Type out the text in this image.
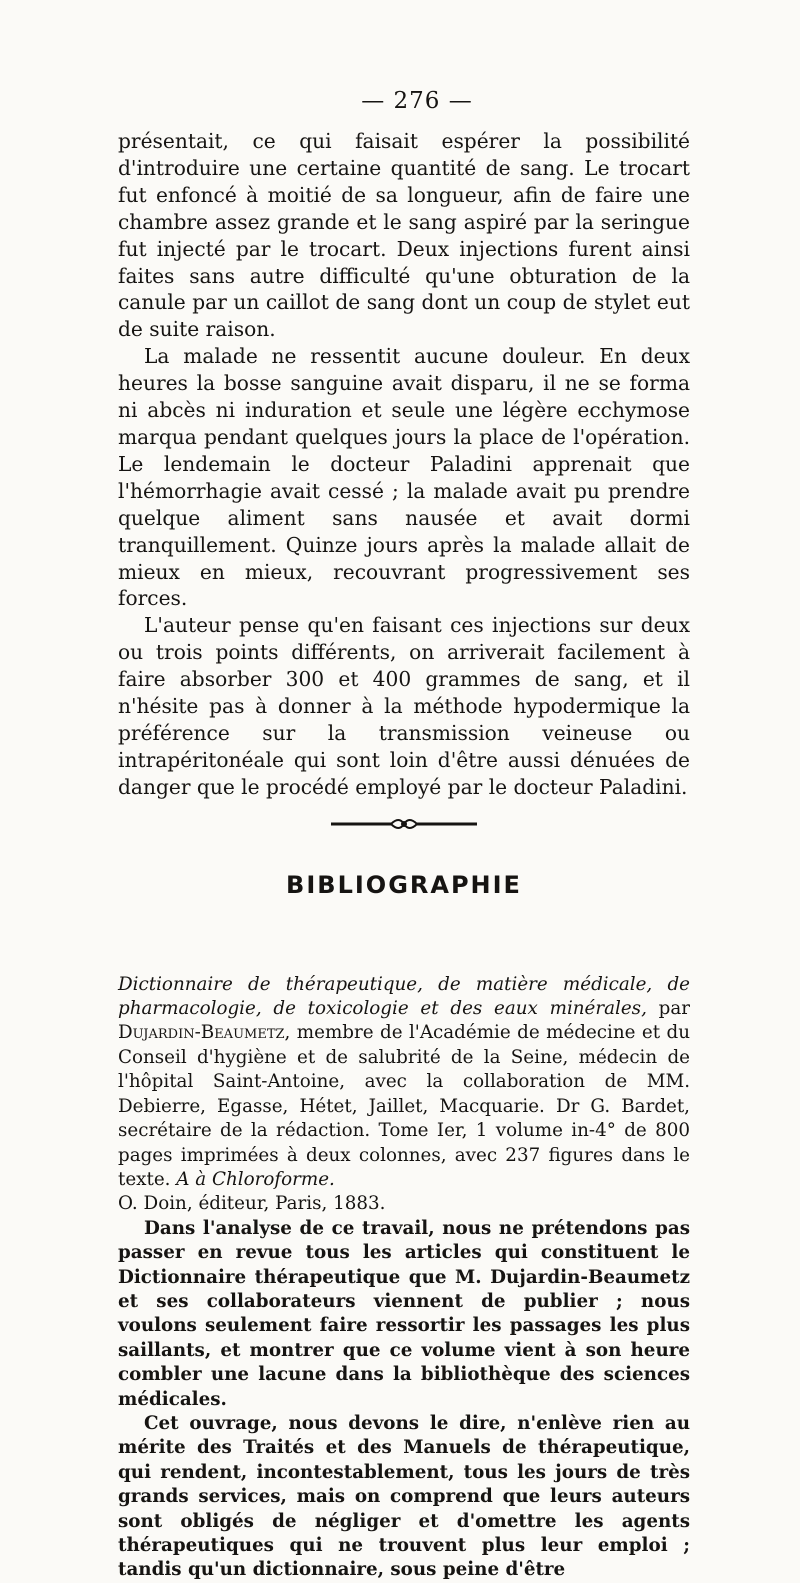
— 276 —

présentait, ce qui faisait espérer la possibilité d'introduire une certaine quantité de sang. Le trocart fut enfoncé à moitié de sa longueur, afin de faire une chambre assez grande et le sang aspiré par la seringue fut injecté par le trocart. Deux injections furent ainsi faites sans autre difficulté qu'une obturation de la canule par un caillot de sang dont un coup de stylet eut de suite raison.

La malade ne ressentit aucune douleur. En deux heures la bosse sanguine avait disparu, il ne se forma ni abcès ni induration et seule une légère ecchymose marqua pendant quelques jours la place de l'opération. Le lendemain le docteur Paladini apprenait que l'hémorrhagie avait cessé ; la malade avait pu prendre quelque aliment sans nausée et avait dormi tranquillement. Quinze jours après la malade allait de mieux en mieux, recouvrant progressivement ses forces.

L'auteur pense qu'en faisant ces injections sur deux ou trois points différents, on arriverait facilement à faire absorber 300 et 400 grammes de sang, et il n'hésite pas à donner à la méthode hypodermique la préférence sur la transmission veineuse ou intrapéritonéale qui sont loin d'être aussi dénuées de danger que le procédé employé par le docteur Paladini.

BIBLIOGRAPHIE

Dictionnaire de thérapeutique, de matière médicale, de pharmacologie, de toxicologie et des eaux minérales, par Dujardin-Beaumetz, membre de l'Académie de médecine et du Conseil d'hygiène et de salubrité de la Seine, médecin de l'hôpital Saint-Antoine, avec la collaboration de MM. Debierre, Egasse, Hétet, Jaillet, Macquarie. Dr G. Bardet, secrétaire de la rédaction. Tome Ier, 1 volume in-4° de 800 pages imprimées à deux colonnes, avec 237 figures dans le texte. A à Chloroforme.

O. Doin, éditeur, Paris, 1883.

Dans l'analyse de ce travail, nous ne prétendons pas passer en revue tous les articles qui constituent le Dictionnaire thérapeutique que M. Dujardin-Beaumetz et ses collaborateurs viennent de publier ; nous voulons seulement faire ressortir les passages les plus saillants, et montrer que ce volume vient à son heure combler une lacune dans la bibliothèque des sciences médicales.

Cet ouvrage, nous devons le dire, n'enlève rien au mérite des Traités et des Manuels de thérapeutique, qui rendent, incontestablement, tous les jours de très grands services, mais on comprend que leurs auteurs sont obligés de négliger et d'omettre les agents thérapeutiques qui ne trouvent plus leur emploi ; tandis qu'un dictionnaire, sous peine d'être
